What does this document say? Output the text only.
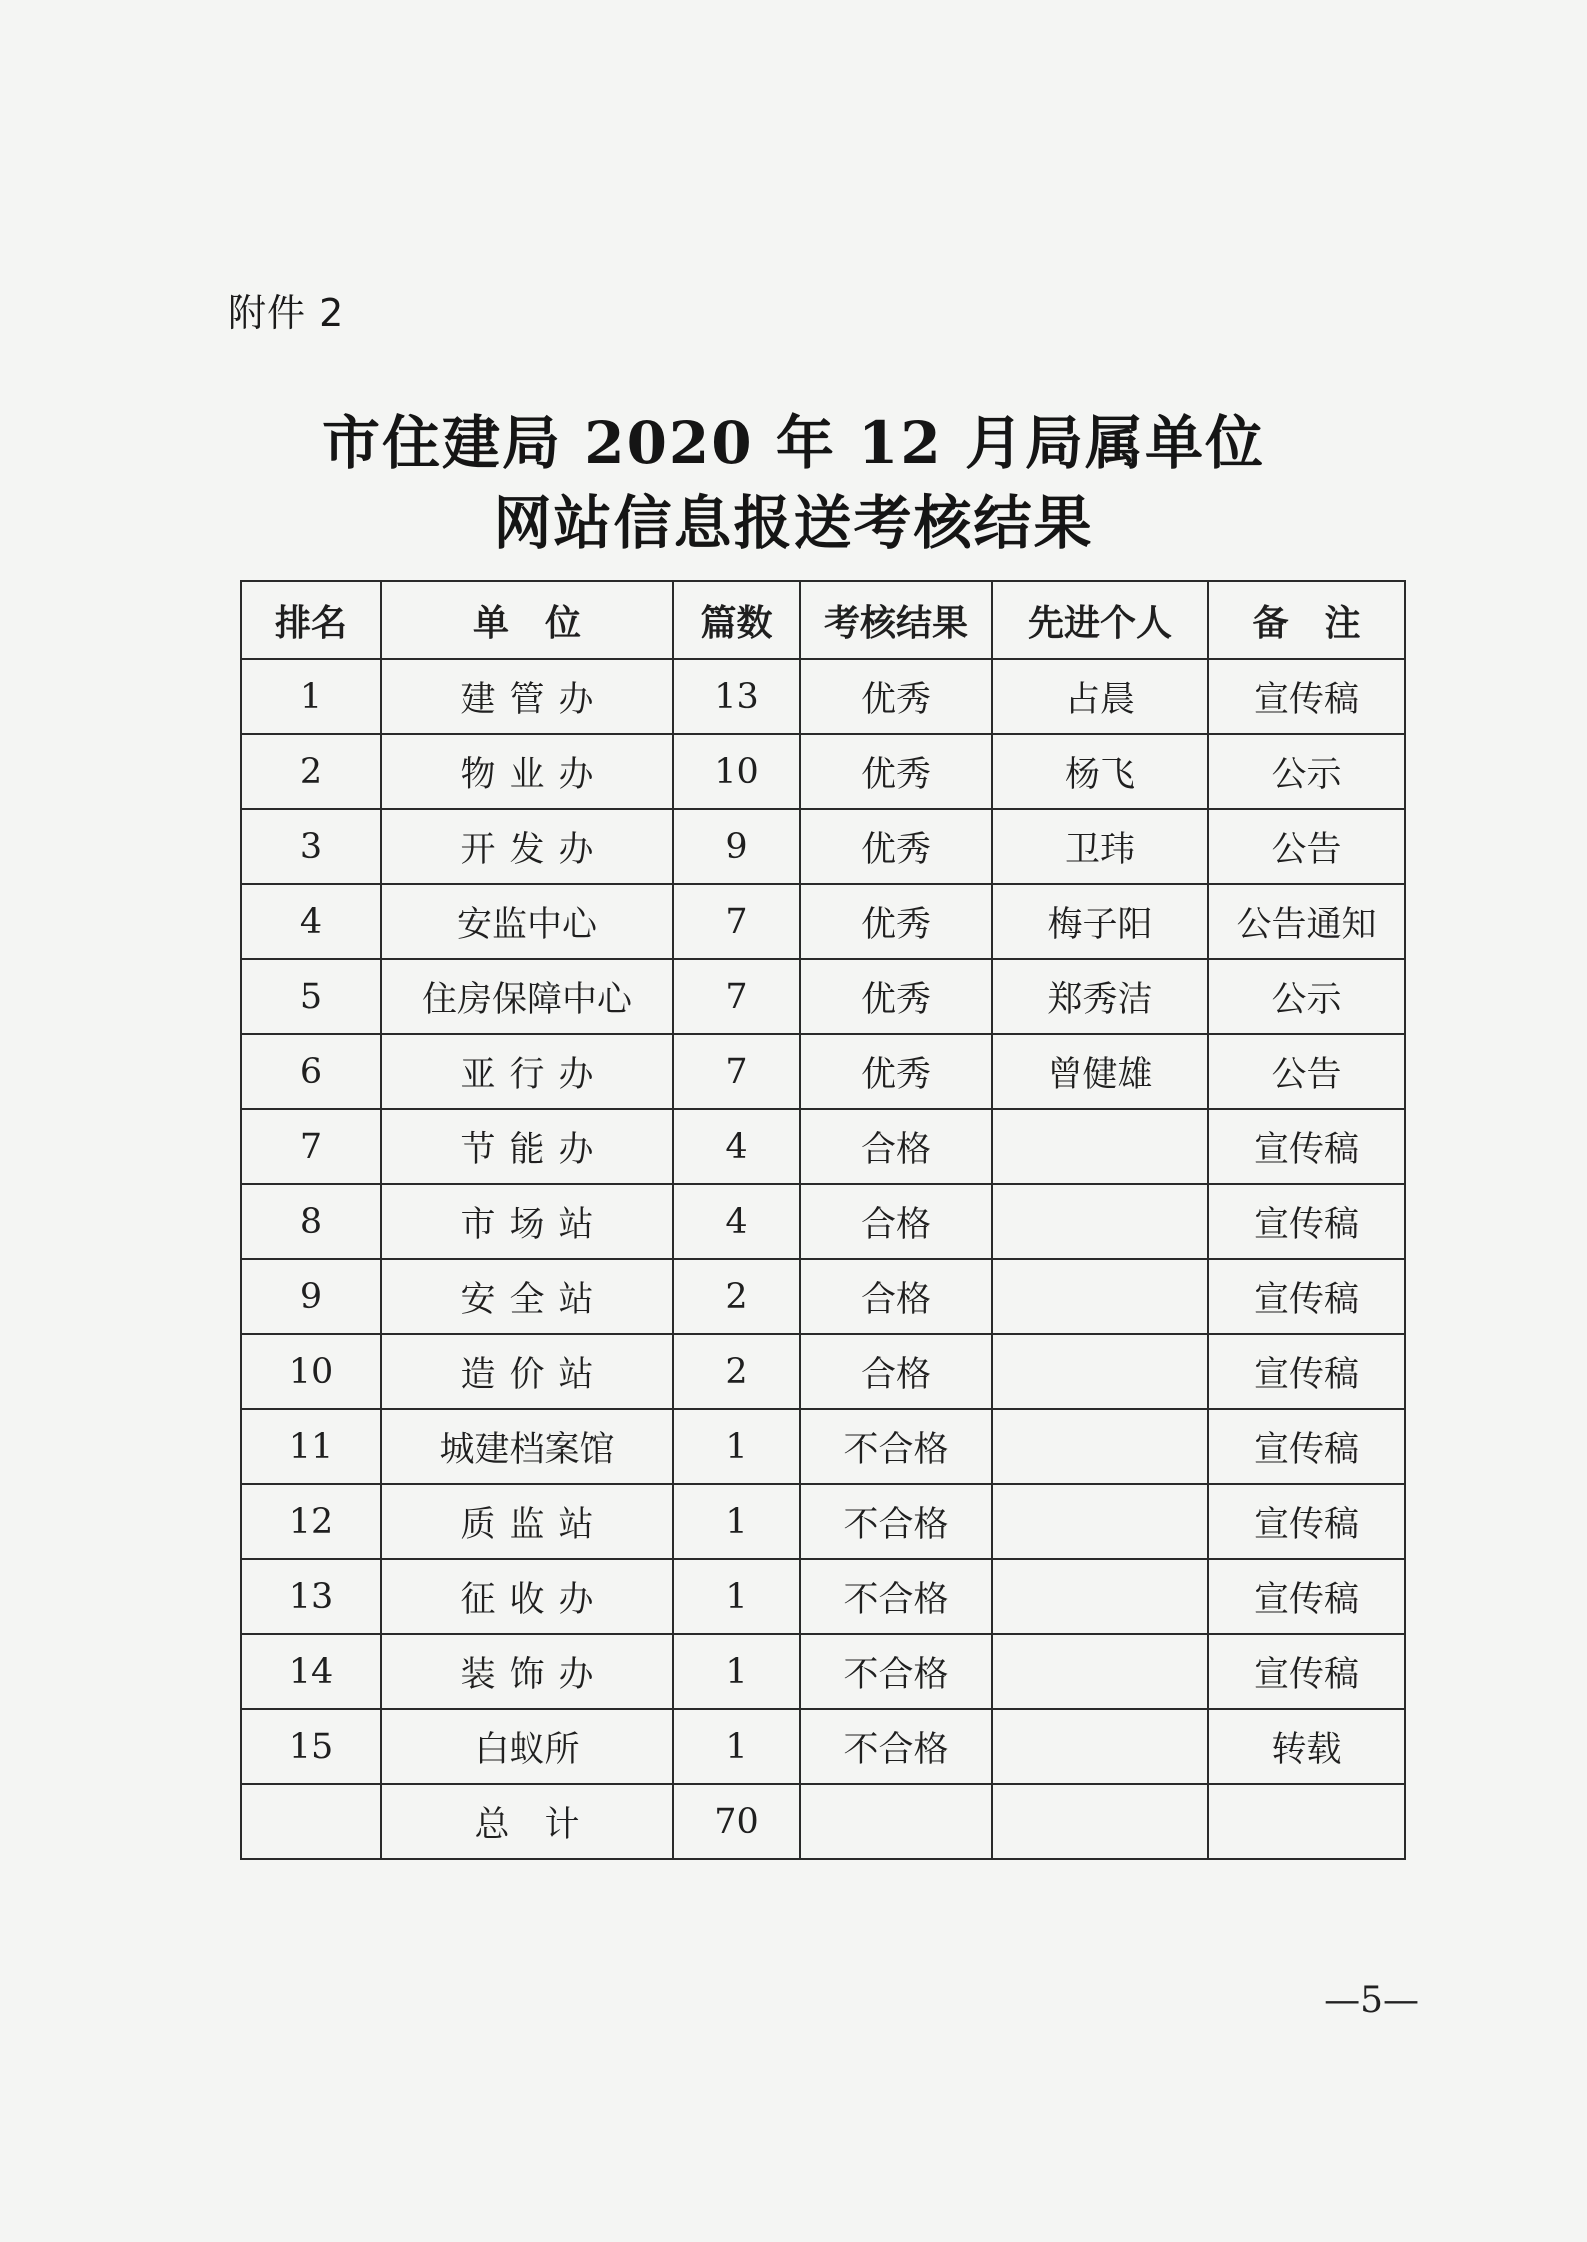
附件 2
市住建局 2020 年 12 月局属单位
网站信息报送考核结果
排名	单　位	篇数	考核结果	先进个人	备　注
1	建管办	13	优秀	占晨	宣传稿
2	物业办	10	优秀	杨飞	公示
3	开发办	9	优秀	卫玮	公告
4	安监中心	7	优秀	梅子阳	公告通知
5	住房保障中心	7	优秀	郑秀洁	公示
6	亚行办	7	优秀	曾健雄	公告
7	节能办	4	合格		宣传稿
8	市场站	4	合格		宣传稿
9	安全站	2	合格		宣传稿
10	造价站	2	合格		宣传稿
11	城建档案馆	1	不合格		宣传稿
12	质监站	1	不合格		宣传稿
13	征收办	1	不合格		宣传稿
14	装饰办	1	不合格		宣传稿
15	白蚁所	1	不合格		转载
	总　计	70			
—5—
